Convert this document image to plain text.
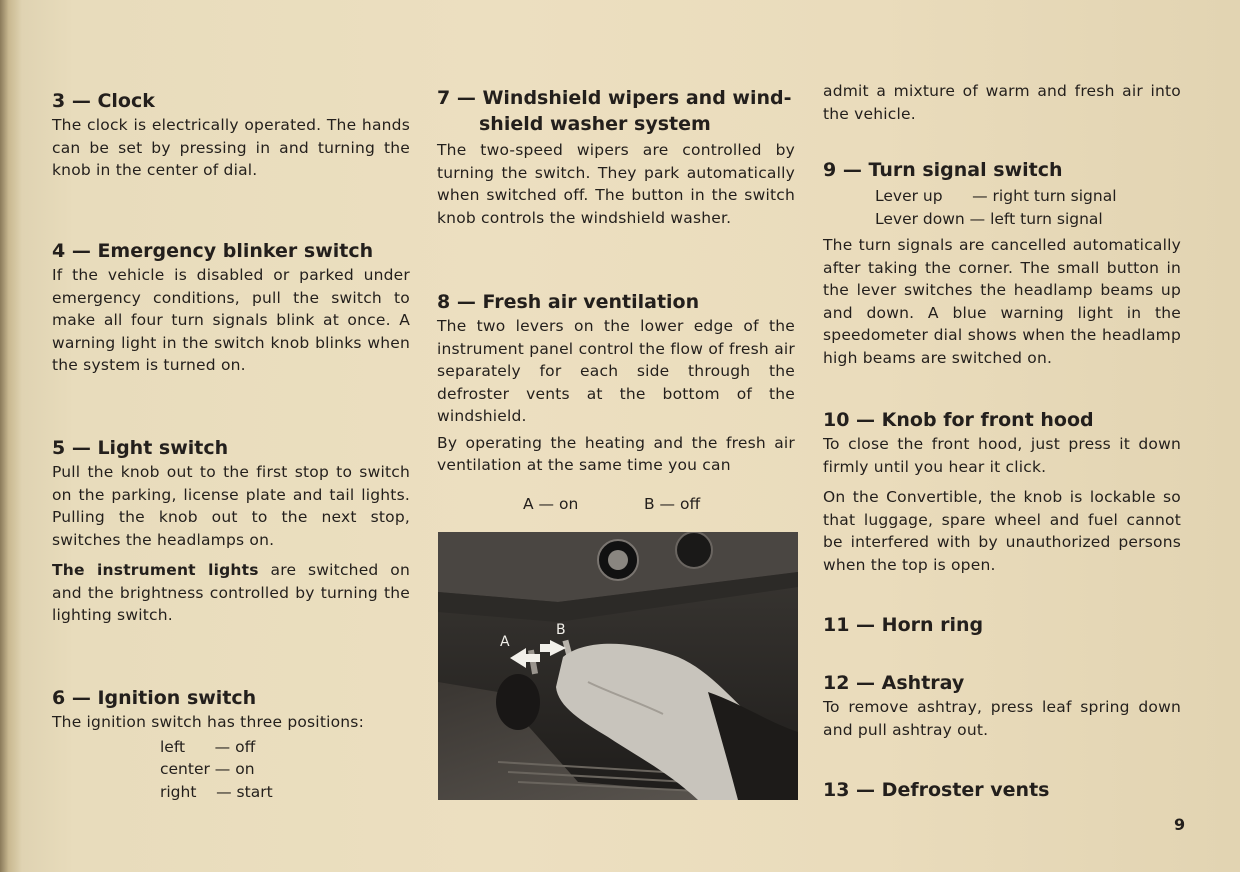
3 — Clock

The clock is electrically operated. The hands can be set by pressing in and turning the knob in the center of dial.

4 — Emergency blinker switch

If the vehicle is disabled or parked under emergency conditions, pull the switch to make all four turn signals blink at once. A warning light in the switch knob blinks when the system is turned on.

5 — Light switch

Pull the knob out to the first stop to switch on the parking, license plate and tail lights. Pulling the knob out to the next stop, switches the headlamps on.

The instrument lights are switched on and the brightness controlled by turning the lighting switch.

6 — Ignition switch

The ignition switch has three positions:

left      — off
center — on
right    — start
7 — Windshield wipers and wind-
shield washer system

The two-speed wipers are controlled by turning the switch. They park automatically when switched off. The button in the switch knob controls the windshield washer.

8 — Fresh air ventilation

The two levers on the lower edge of the instrument panel control the flow of fresh air separately for each side through the defroster vents at the bottom of the windshield.

By operating the heating and the fresh air ventilation at the same time you can

A — on	B — off
A
B

admit a mixture of warm and fresh air into the vehicle.

9 — Turn signal switch
Lever up      — right turn signal
Lever down — left turn signal

The turn signals are cancelled automatically after taking the corner. The small button in the lever switches the headlamp beams up and down. A blue warning light in the speedometer dial shows when the headlamp high beams are switched on.

10 — Knob for front hood

To close the front hood, just press it down firmly until you hear it click.

On the Convertible, the knob is lockable so that luggage, spare wheel and fuel cannot be interfered with by unauthorized persons when the top is open.

11 — Horn ring
12 — Ashtray

To remove ashtray, press leaf spring down and pull ashtray out.

13 — Defroster vents
9
